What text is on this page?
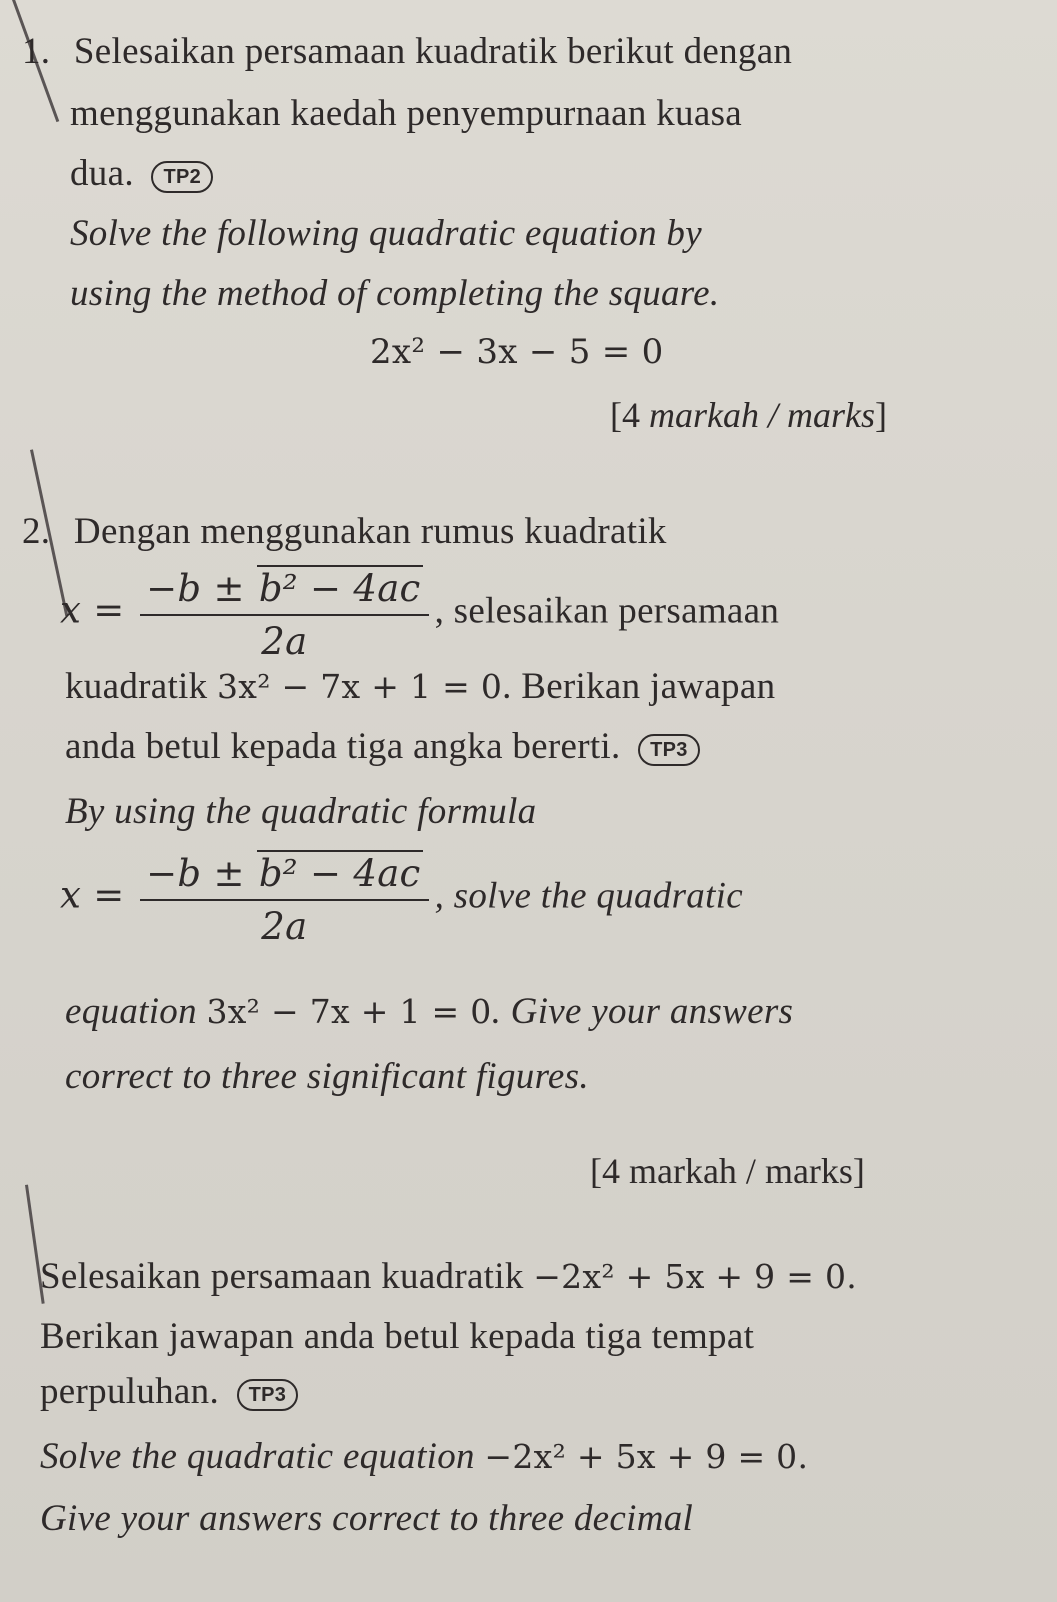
1. Selesaikan persamaan kuadratik berikut dengan
menggunakan kaedah penyempurnaan kuasa
dua. TP2
Solve the following quadratic equation by
using the method of completing the square.
2x² − 3x − 5 = 0
[4 markah / marks]
2. Dengan menggunakan rumus kuadratik
$x = \frac{\text{−b ± b² − 4ac}}{2a}$ , selesaikan persamaan
kuadratik 3x² − 7x + 1 = 0. Berikan jawapan
anda betul kepada tiga angka bererti. TP3
By using the quadratic formula
$x = \frac{\text{−b ± b² − 4ac}}{2a}$ , solve the quadratic
equation 3x² − 7x + 1 = 0. Give your answers
correct to three significant figures.
[4 markah / marks]
Selesaikan persamaan kuadratik −2x² + 5x + 9 = 0.
Berikan jawapan anda betul kepada tiga tempat
perpuluhan. TP3
Solve the quadratic equation −2x² + 5x + 9 = 0.
Give your answers correct to three decimal
